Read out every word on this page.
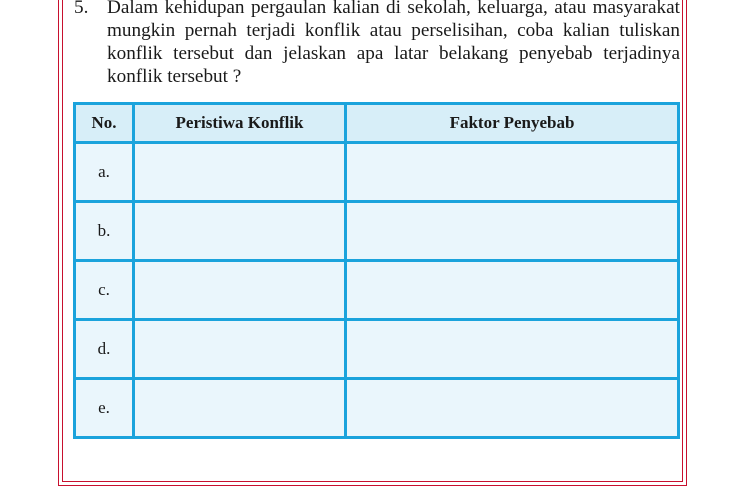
5. Dalam kehidupan pergaulan kalian di sekolah, keluarga, atau masyarakat mungkin pernah terjadi konflik atau perselisihan, coba kalian tuliskan konflik tersebut dan jelaskan apa latar belakang penyebab terjadinya konflik tersebut ?
No.	Peristiwa Konflik	Faktor Penyebab
a.		
b.		
c.		
d.		
e.		
